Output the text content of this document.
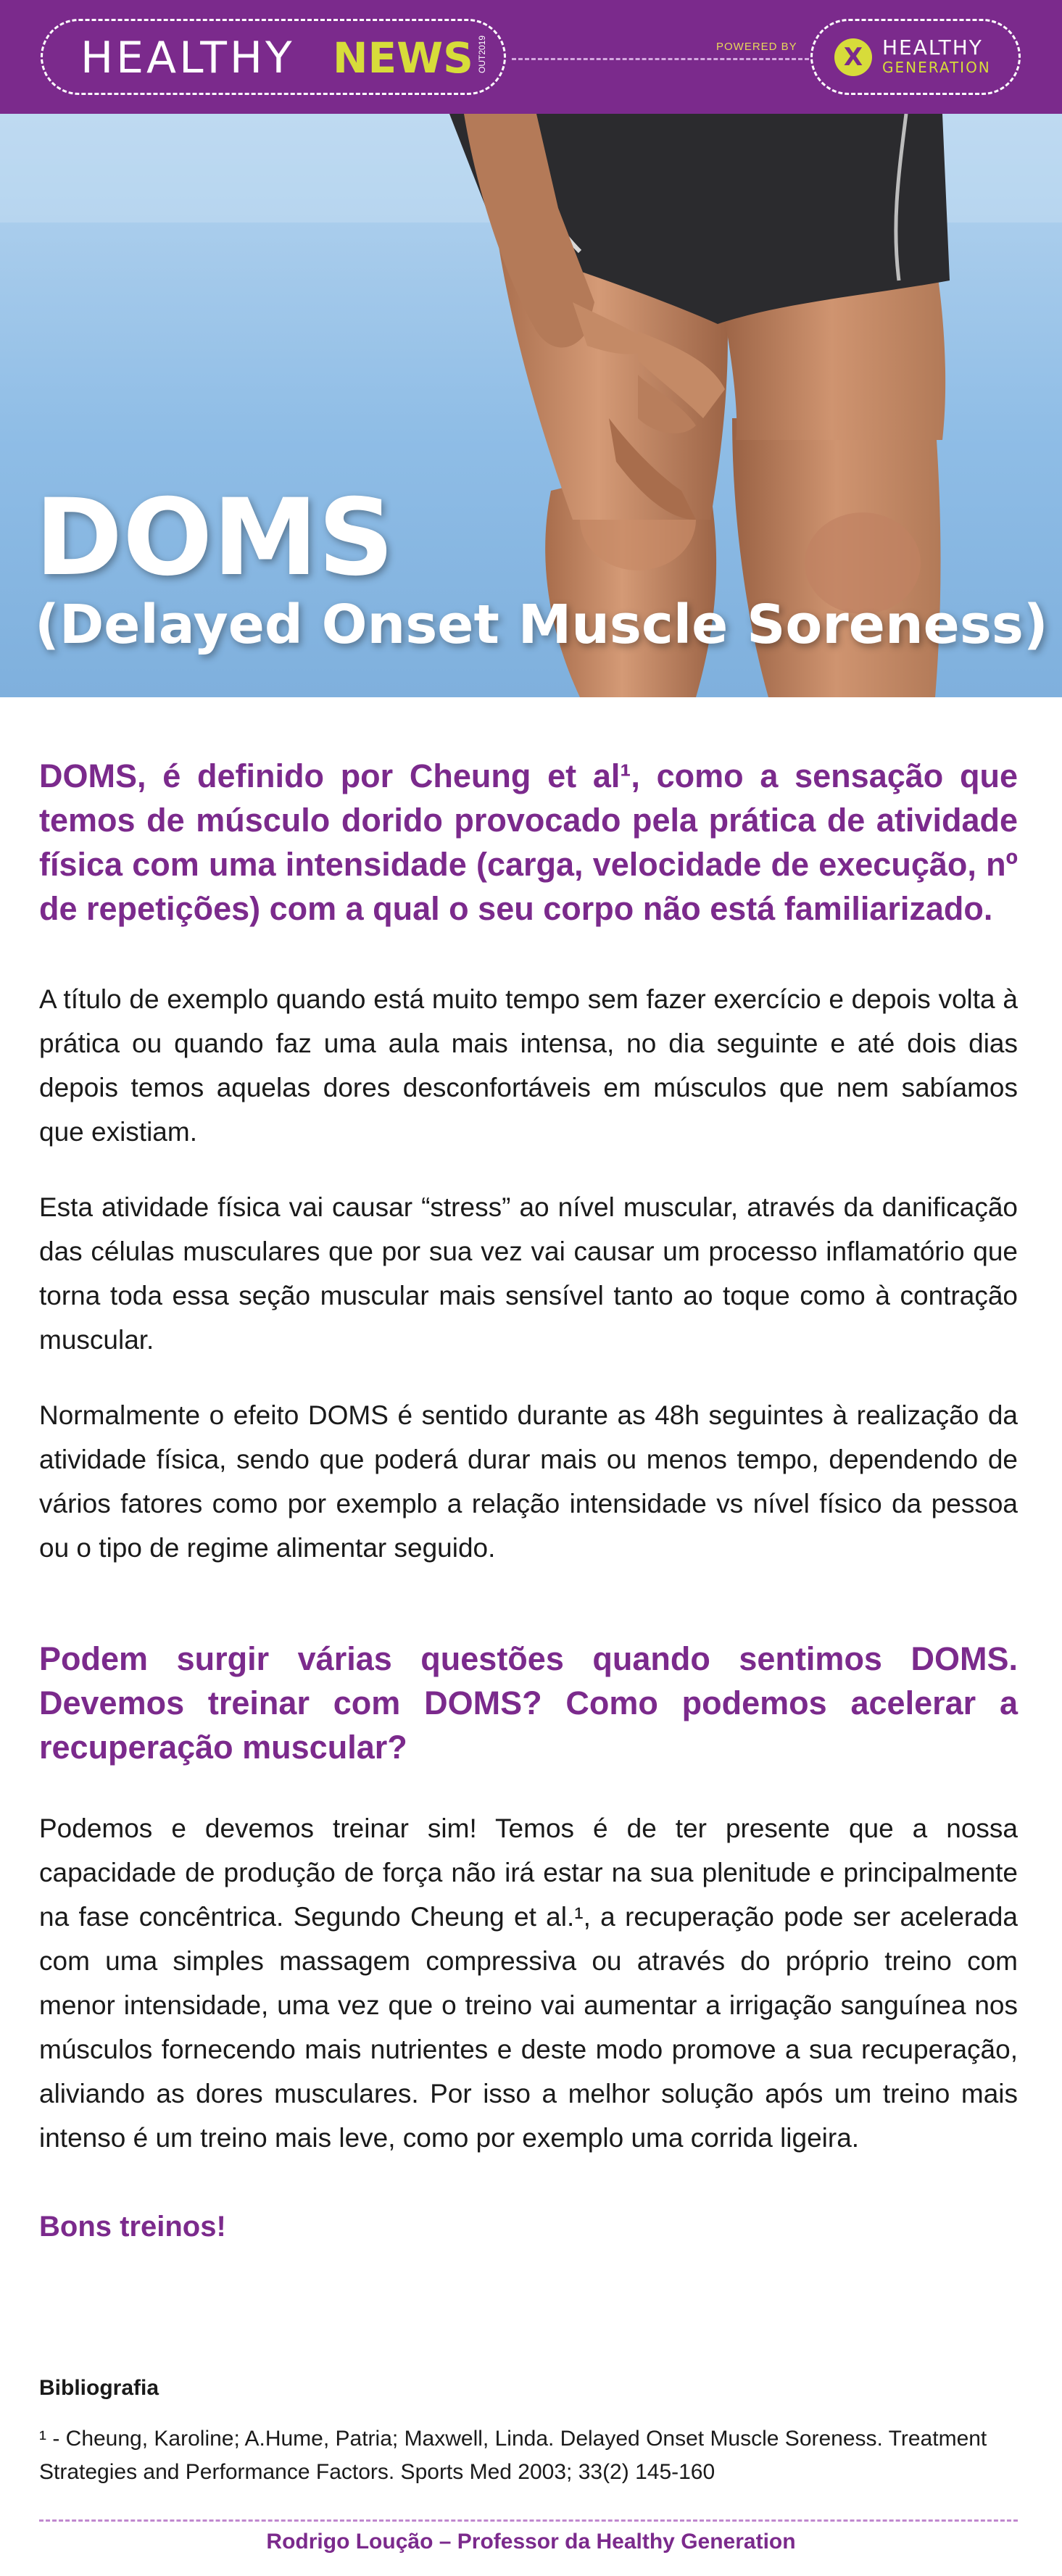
HEALTHY NEWS OUT2019	POWERED BY	X HEALTHY
GENERATION
DOMS
(Delayed Onset Muscle Soreness)

DOMS, é definido por Cheung et al¹, como a sensação que temos de músculo dorido provocado pela prática de atividade física com uma intensidade (carga, velocidade de execução, nº de repetições) com a qual o seu corpo não está familiarizado.

A título de exemplo quando está muito tempo sem fazer exercício e depois volta à prática ou quando faz uma aula mais intensa, no dia seguinte e até dois dias depois temos aquelas dores desconfortáveis em músculos que nem sabíamos que existiam.

Esta atividade física vai causar “stress” ao nível muscular, através da danificação das células musculares que por sua vez vai causar um processo inflamatório que torna toda essa seção muscular mais sensível tanto ao toque como à contração muscular.

Normalmente o efeito DOMS é sentido durante as 48h seguintes à realização da atividade física, sendo que poderá durar mais ou menos tempo, dependendo de vários fatores como por exemplo a relação intensidade vs nível físico da pessoa ou o tipo de regime alimentar seguido.

Podem surgir várias questões quando sentimos DOMS. Devemos treinar com DOMS? Como podemos acelerar a recuperação muscular?

Podemos e devemos treinar sim! Temos é de ter presente que a nossa capacidade de produção de força não irá estar na sua plenitude e principalmente na fase concêntrica. Segundo Cheung et al.¹, a recuperação pode ser acelerada com uma simples massagem compressiva ou através do próprio treino com menor intensidade, uma vez que o treino vai aumentar a irrigação sanguínea nos músculos fornecendo mais nutrientes e deste modo promove a sua recuperação, aliviando as dores musculares. Por isso a melhor solução após um treino mais intenso é um treino mais leve, como por exemplo uma corrida ligeira.

Bons treinos!

Bibliografia

¹ - Cheung, Karoline; A.Hume, Patria; Maxwell, Linda. Delayed Onset Muscle Soreness. Treatment Strategies and Performance Factors. Sports Med 2003; 33(2) 145-160

Rodrigo Loução – Professor da Healthy Generation
